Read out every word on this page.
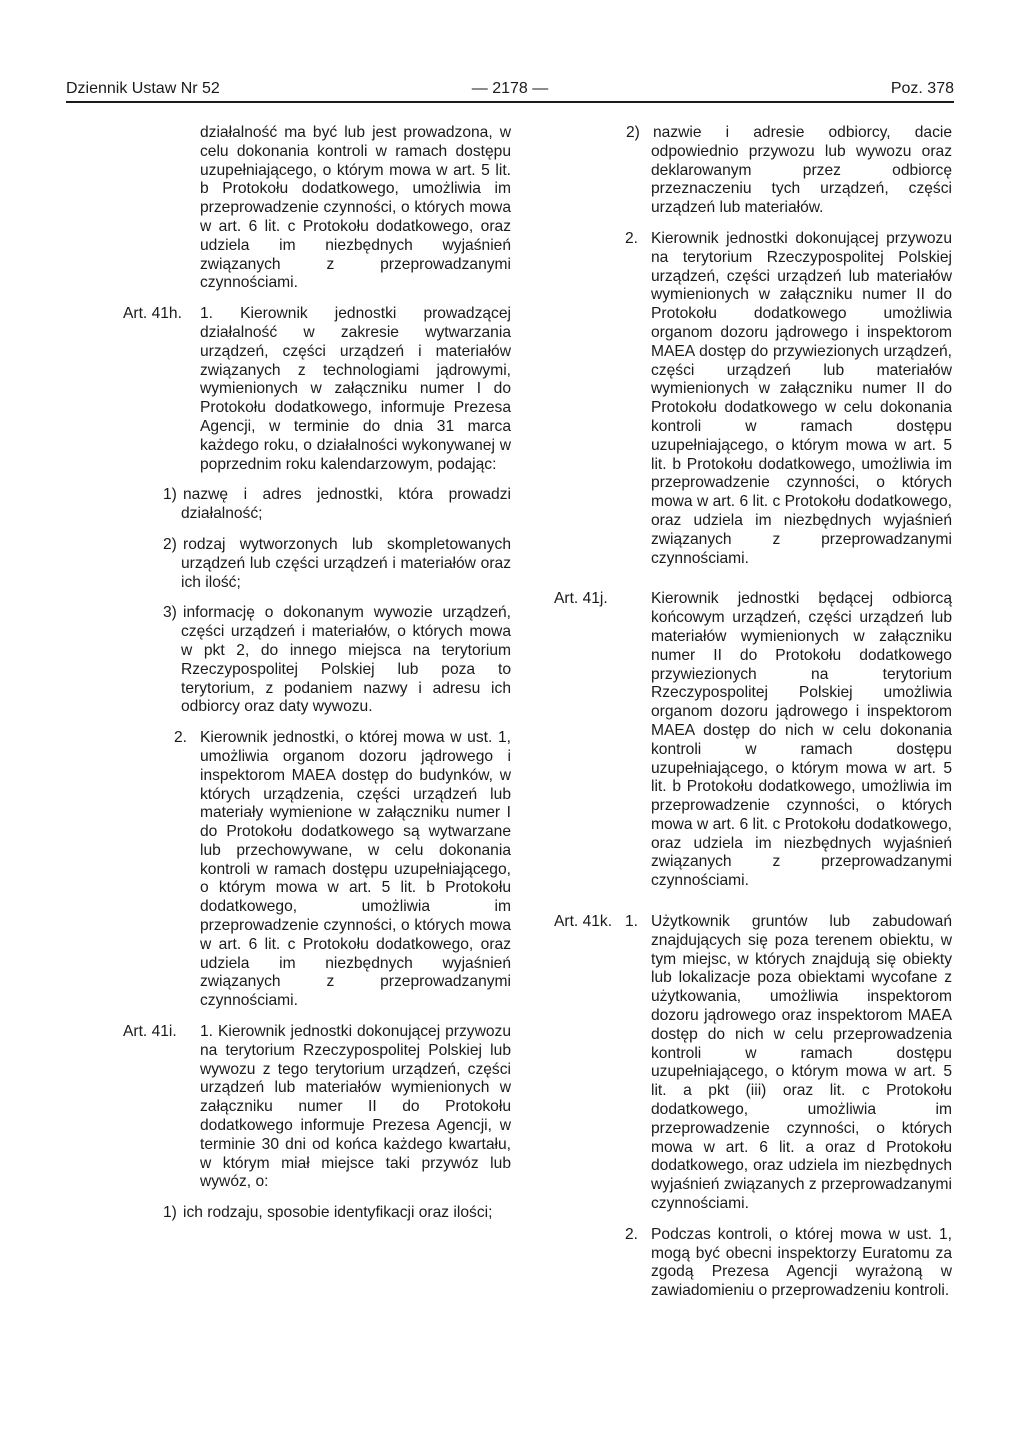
Dziennik Ustaw Nr 52	— 2178 —	Poz. 378

działalność ma być lub jest prowadzona, w celu dokonania kontroli w ramach dostępu uzupełniającego, o którym mowa w art. 5 lit. b Protokołu dodatkowego, umożliwia im przeprowadzenie czynności, o których mowa w art. 6 lit. c Protokołu dodatkowego, oraz udziela im niezbędnych wyjaśnień związanych z przeprowadzanymi czynnościami.

Art. 41h. 1. Kierownik jednostki prowadzącej działalność w zakresie wytwarzania urządzeń, części urządzeń i materiałów związanych z technologiami jądrowymi, wymienionych w załączniku numer I do Protokołu dodatkowego, informuje Prezesa Agencji, w terminie do dnia 31 marca każdego roku, o działalności wykonywanej w poprzednim roku kalendarzowym, podając:

1) nazwę i adres jednostki, która prowadzi działalność;
2) rodzaj wytworzonych lub skompletowanych urządzeń lub części urządzeń i materiałów oraz ich ilość;
3) informację o dokonanym wywozie urządzeń, części urządzeń i materiałów, o których mowa w pkt 2, do innego miejsca na terytorium Rzeczypospolitej Polskiej lub poza to terytorium, z podaniem nazwy i adresu ich odbiorcy oraz daty wywozu.
2. Kierownik jednostki, o której mowa w ust. 1, umożliwia organom dozoru jądrowego i inspektorom MAEA dostęp do budynków, w których urządzenia, części urządzeń lub materiały wymienione w załączniku numer I do Protokołu dodatkowego są wytwarzane lub przechowywane, w celu dokonania kontroli w ramach dostępu uzupełniającego, o którym mowa w art. 5 lit. b Protokołu dodatkowego, umożliwia im przeprowadzenie czynności, o których mowa w art. 6 lit. c Protokołu dodatkowego, oraz udziela im niezbędnych wyjaśnień związanych z przeprowadzanymi czynnościami.
Art. 41i. 1. Kierownik jednostki dokonującej przywozu na terytorium Rzeczypospolitej Polskiej lub wywozu z tego terytorium urządzeń, części urządzeń lub materiałów wymienionych w załączniku numer II do Protokołu dodatkowego informuje Prezesa Agencji, w terminie 30 dni od końca każdego kwartału, w którym miał miejsce taki przywóz lub wywóz, o:

1) ich rodzaju, sposobie identyfikacji oraz ilości;
2) nazwie i adresie odbiorcy, dacie odpowiednio przywozu lub wywozu oraz deklarowanym przez odbiorcę przeznaczeniu tych urządzeń, części urządzeń lub materiałów.
2. Kierownik jednostki dokonującej przywozu na terytorium Rzeczypospolitej Polskiej urządzeń, części urządzeń lub materiałów wymienionych w załączniku numer II do Protokołu dodatkowego umożliwia organom dozoru jądrowego i inspektorom MAEA dostęp do przywiezionych urządzeń, części urządzeń lub materiałów wymienionych w załączniku numer II do Protokołu dodatkowego w celu dokonania kontroli w ramach dostępu uzupełniającego, o którym mowa w art. 5 lit. b Protokołu dodatkowego, umożliwia im przeprowadzenie czynności, o których mowa w art. 6 lit. c Protokołu dodatkowego, oraz udziela im niezbędnych wyjaśnień związanych z przeprowadzanymi czynnościami.
Art. 41j.	Kierownik jednostki będącej odbiorcą końcowym urządzeń, części urządzeń lub materiałów wymienionych w załączniku numer II do Protokołu dodatkowego przywiezionych na terytorium Rzeczypospolitej Polskiej umożliwia organom dozoru jądrowego i inspektorom MAEA dostęp do nich w celu dokonania kontroli w ramach dostępu uzupełniającego, o którym mowa w art. 5 lit. b Protokołu dodatkowego, umożliwia im przeprowadzenie czynności, o których mowa w art. 6 lit. c Protokołu dodatkowego, oraz udziela im niezbędnych wyjaśnień związanych z przeprowadzanymi czynnościami.

Art. 41k. 1. Użytkownik gruntów lub zabudowań znajdujących się poza terenem obiektu, w tym miejsc, w których znajdują się obiekty lub lokalizacje poza obiektami wycofane z użytkowania, umożliwia inspektorom dozoru jądrowego oraz inspektorom MAEA dostęp do nich w celu przeprowadzenia kontroli w ramach dostępu uzupełniającego, o którym mowa w art. 5 lit. a pkt (iii) oraz lit. c Protokołu dodatkowego, umożliwia im przeprowadzenie czynności, o których mowa w art. 6 lit. a oraz d Protokołu dodatkowego, oraz udziela im niezbędnych wyjaśnień związanych z przeprowadzanymi czynnościami.
2. Podczas kontroli, o której mowa w ust. 1, mogą być obecni inspektorzy Euratomu za zgodą Prezesa Agencji wyrażoną w zawiadomieniu o przeprowadzeniu kontroli.
